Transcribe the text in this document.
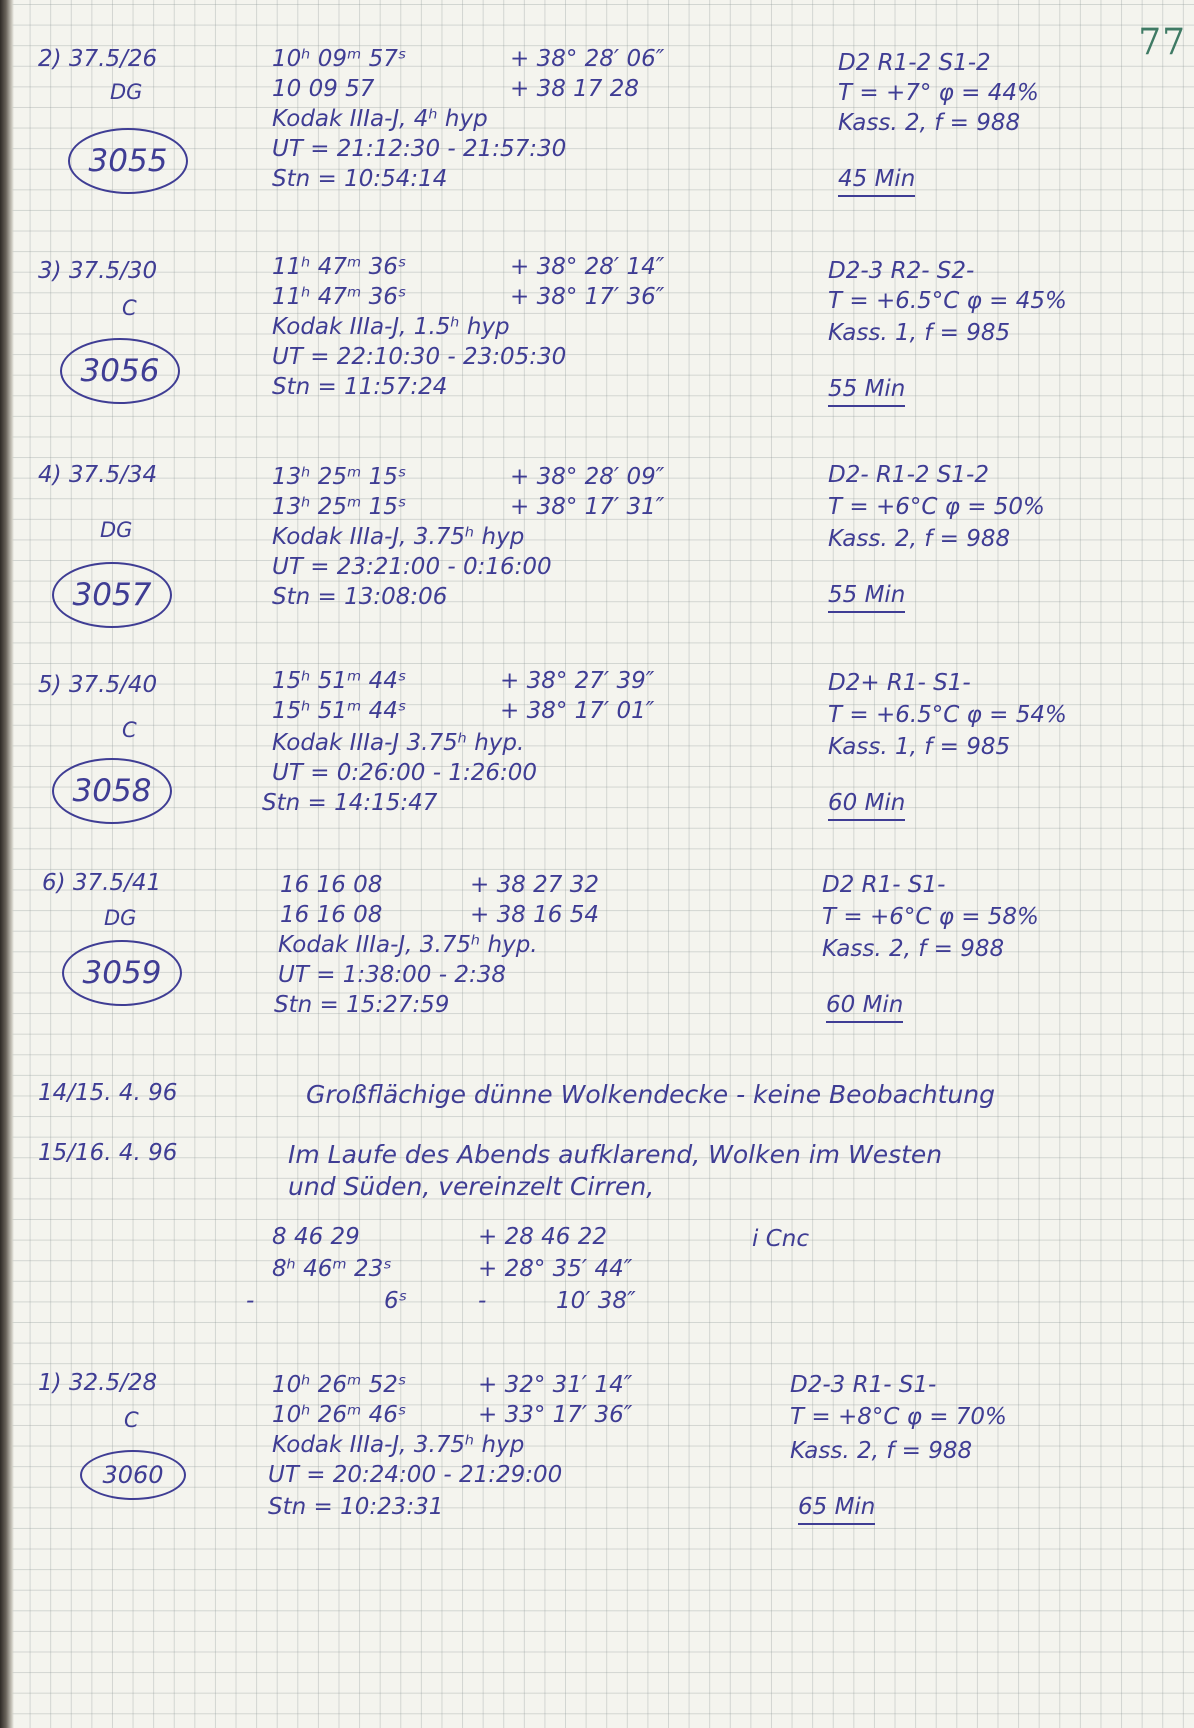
77
2) 37.5/26
DG
3055
10ʰ 09ᵐ 57ˢ	+ 38° 28′ 06″
10 09 57	+ 38 17 28
Kodak IIIa-J, 4ʰ hyp
UT = 21:12:30 - 21:57:30
Stn = 10:54:14
D2 R1-2 S1-2
T = +7° φ = 44%
Kass. 2, f = 988
45 Min
3) 37.5/30
C
3056
11ʰ 47ᵐ 36ˢ	+ 38° 28′ 14″
11ʰ 47ᵐ 36ˢ	+ 38° 17′ 36″
Kodak IIIa-J, 1.5ʰ hyp
UT = 22:10:30 - 23:05:30
Stn = 11:57:24
D2-3 R2- S2-
T = +6.5°C φ = 45%
Kass. 1, f = 985
55 Min
4) 37.5/34
DG
3057
13ʰ 25ᵐ 15ˢ	+ 38° 28′ 09″
13ʰ 25ᵐ 15ˢ	+ 38° 17′ 31″
Kodak IIIa-J, 3.75ʰ hyp
UT = 23:21:00 - 0:16:00
Stn = 13:08:06
D2- R1-2 S1-2
T = +6°C φ = 50%
Kass. 2, f = 988
55 Min
5) 37.5/40
C
3058
15ʰ 51ᵐ 44ˢ	+ 38° 27′ 39″
15ʰ 51ᵐ 44ˢ	+ 38° 17′ 01″
Kodak IIIa-J 3.75ʰ hyp.
UT = 0:26:00 - 1:26:00
Stn = 14:15:47
D2+ R1- S1-
T = +6.5°C φ = 54%
Kass. 1, f = 985
60 Min
6) 37.5/41
DG
3059
16 16 08	+ 38 27 32
16 16 08	+ 38 16 54
Kodak IIIa-J, 3.75ʰ hyp.
UT = 1:38:00 - 2:38
Stn = 15:27:59
D2 R1- S1-
T = +6°C φ = 58%
Kass. 2, f = 988
60 Min
14/15. 4. 96	Großflächige dünne Wolkendecke - keine Beobachtung
15/16. 4. 96	Im Laufe des Abends aufklarend, Wolken im Westen
und Süden, vereinzelt Cirren,
8 46 29	+ 28 46 22	i Cnc
8ʰ 46ᵐ 23ˢ	+ 28° 35′ 44″
-	6ˢ	-	10′ 38″
1) 32.5/28
C
3060
10ʰ 26ᵐ 52ˢ	+ 32° 31′ 14″
10ʰ 26ᵐ 46ˢ	+ 33° 17′ 36″
Kodak IIIa-J, 3.75ʰ hyp
UT = 20:24:00 - 21:29:00
Stn = 10:23:31
D2-3 R1- S1-
T = +8°C φ = 70%
Kass. 2, f = 988
65 Min
